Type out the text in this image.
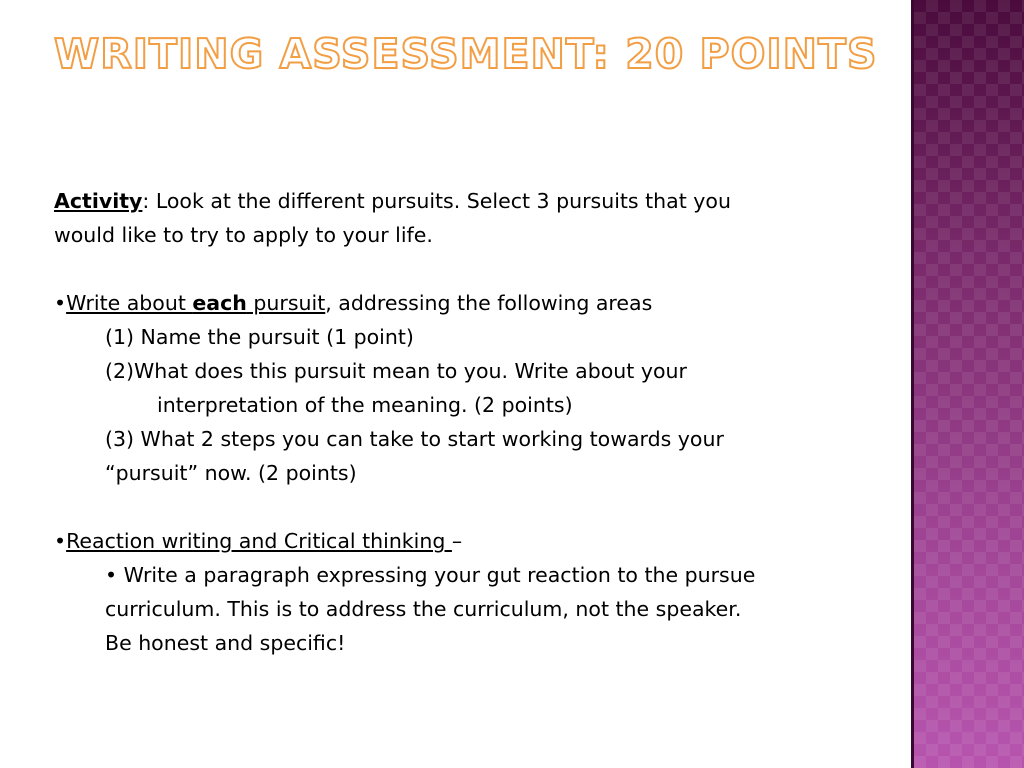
WRITING ASSESSMENT: 20 POINTS
Activity: Look at the different pursuits. Select 3 pursuits that you
would like to try to apply to your life.
•Write about each pursuit, addressing the following areas
(1) Name the pursuit (1 point)
(2)What does this pursuit mean to you. Write about your
interpretation of the meaning. (2 points)
(3) What 2 steps you can take to start working towards your
“pursuit” now. (2 points)
•Reaction writing and Critical thinking –
• Write a paragraph expressing your gut reaction to the pursue
curriculum. This is to address the curriculum, not the speaker.
Be honest and specific!
